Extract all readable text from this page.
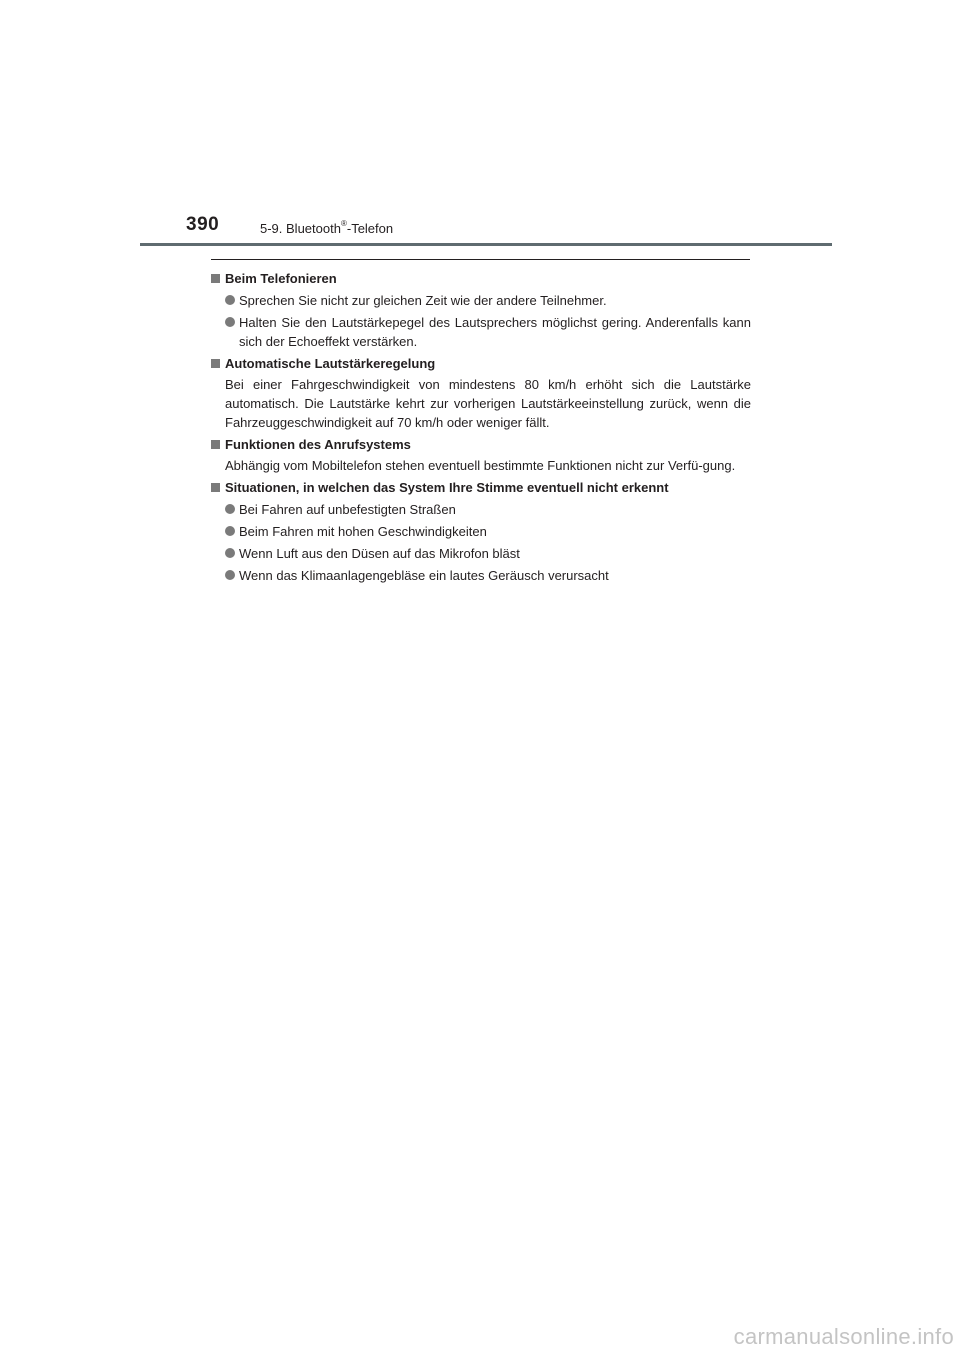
390	5-9. Bluetooth®-Telefon
Beim Telefonieren
Sprechen Sie nicht zur gleichen Zeit wie der andere Teilnehmer.
Halten Sie den Lautstärkepegel des Lautsprechers möglichst gering. Anderenfalls kann sich der Echoeffekt verstärken.
Automatische Lautstärkeregelung
Bei einer Fahrgeschwindigkeit von mindestens 80 km/h erhöht sich die Lautstärke automatisch. Die Lautstärke kehrt zur vorherigen Lautstärkeeinstellung zurück, wenn die Fahrzeuggeschwindigkeit auf 70 km/h oder weniger fällt.
Funktionen des Anrufsystems
Abhängig vom Mobiltelefon stehen eventuell bestimmte Funktionen nicht zur Verfü-gung.
Situationen, in welchen das System Ihre Stimme eventuell nicht erkennt
Bei Fahren auf unbefestigten Straßen
Beim Fahren mit hohen Geschwindigkeiten
Wenn Luft aus den Düsen auf das Mikrofon bläst
Wenn das Klimaanlagengebläse ein lautes Geräusch verursacht
carmanualsonline.info
